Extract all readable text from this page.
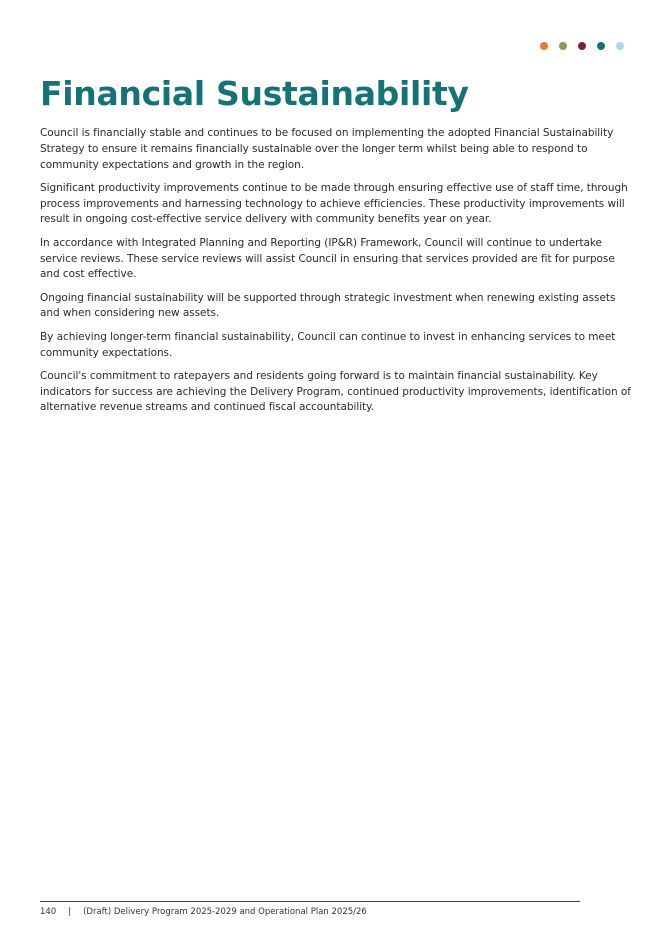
Financial Sustainability

Council is financially stable and continues to be focused on implementing the adopted Financial Sustainability Strategy to ensure it remains financially sustainable over the longer term whilst being able to respond to community expectations and growth in the region.

Significant productivity improvements continue to be made through ensuring effective use of staff time, through process improvements and harnessing technology to achieve efficiencies. These productivity improvements will result in ongoing cost-effective service delivery with community benefits year on year.

In accordance with Integrated Planning and Reporting (IP&R) Framework, Council will continue to undertake service reviews. These service reviews will assist Council in ensuring that services provided are fit for purpose and cost effective.

Ongoing financial sustainability will be supported through strategic investment when renewing existing assets and when considering new assets.

By achieving longer-term financial sustainability, Council can continue to invest in enhancing services to meet community expectations.

Council's commitment to ratepayers and residents going forward is to maintain financial sustainability. Key indicators for success are achieving the Delivery Program, continued productivity improvements, identification of alternative revenue streams and continued fiscal accountability.

140 | (Draft) Delivery Program 2025-2029 and Operational Plan 2025/26
